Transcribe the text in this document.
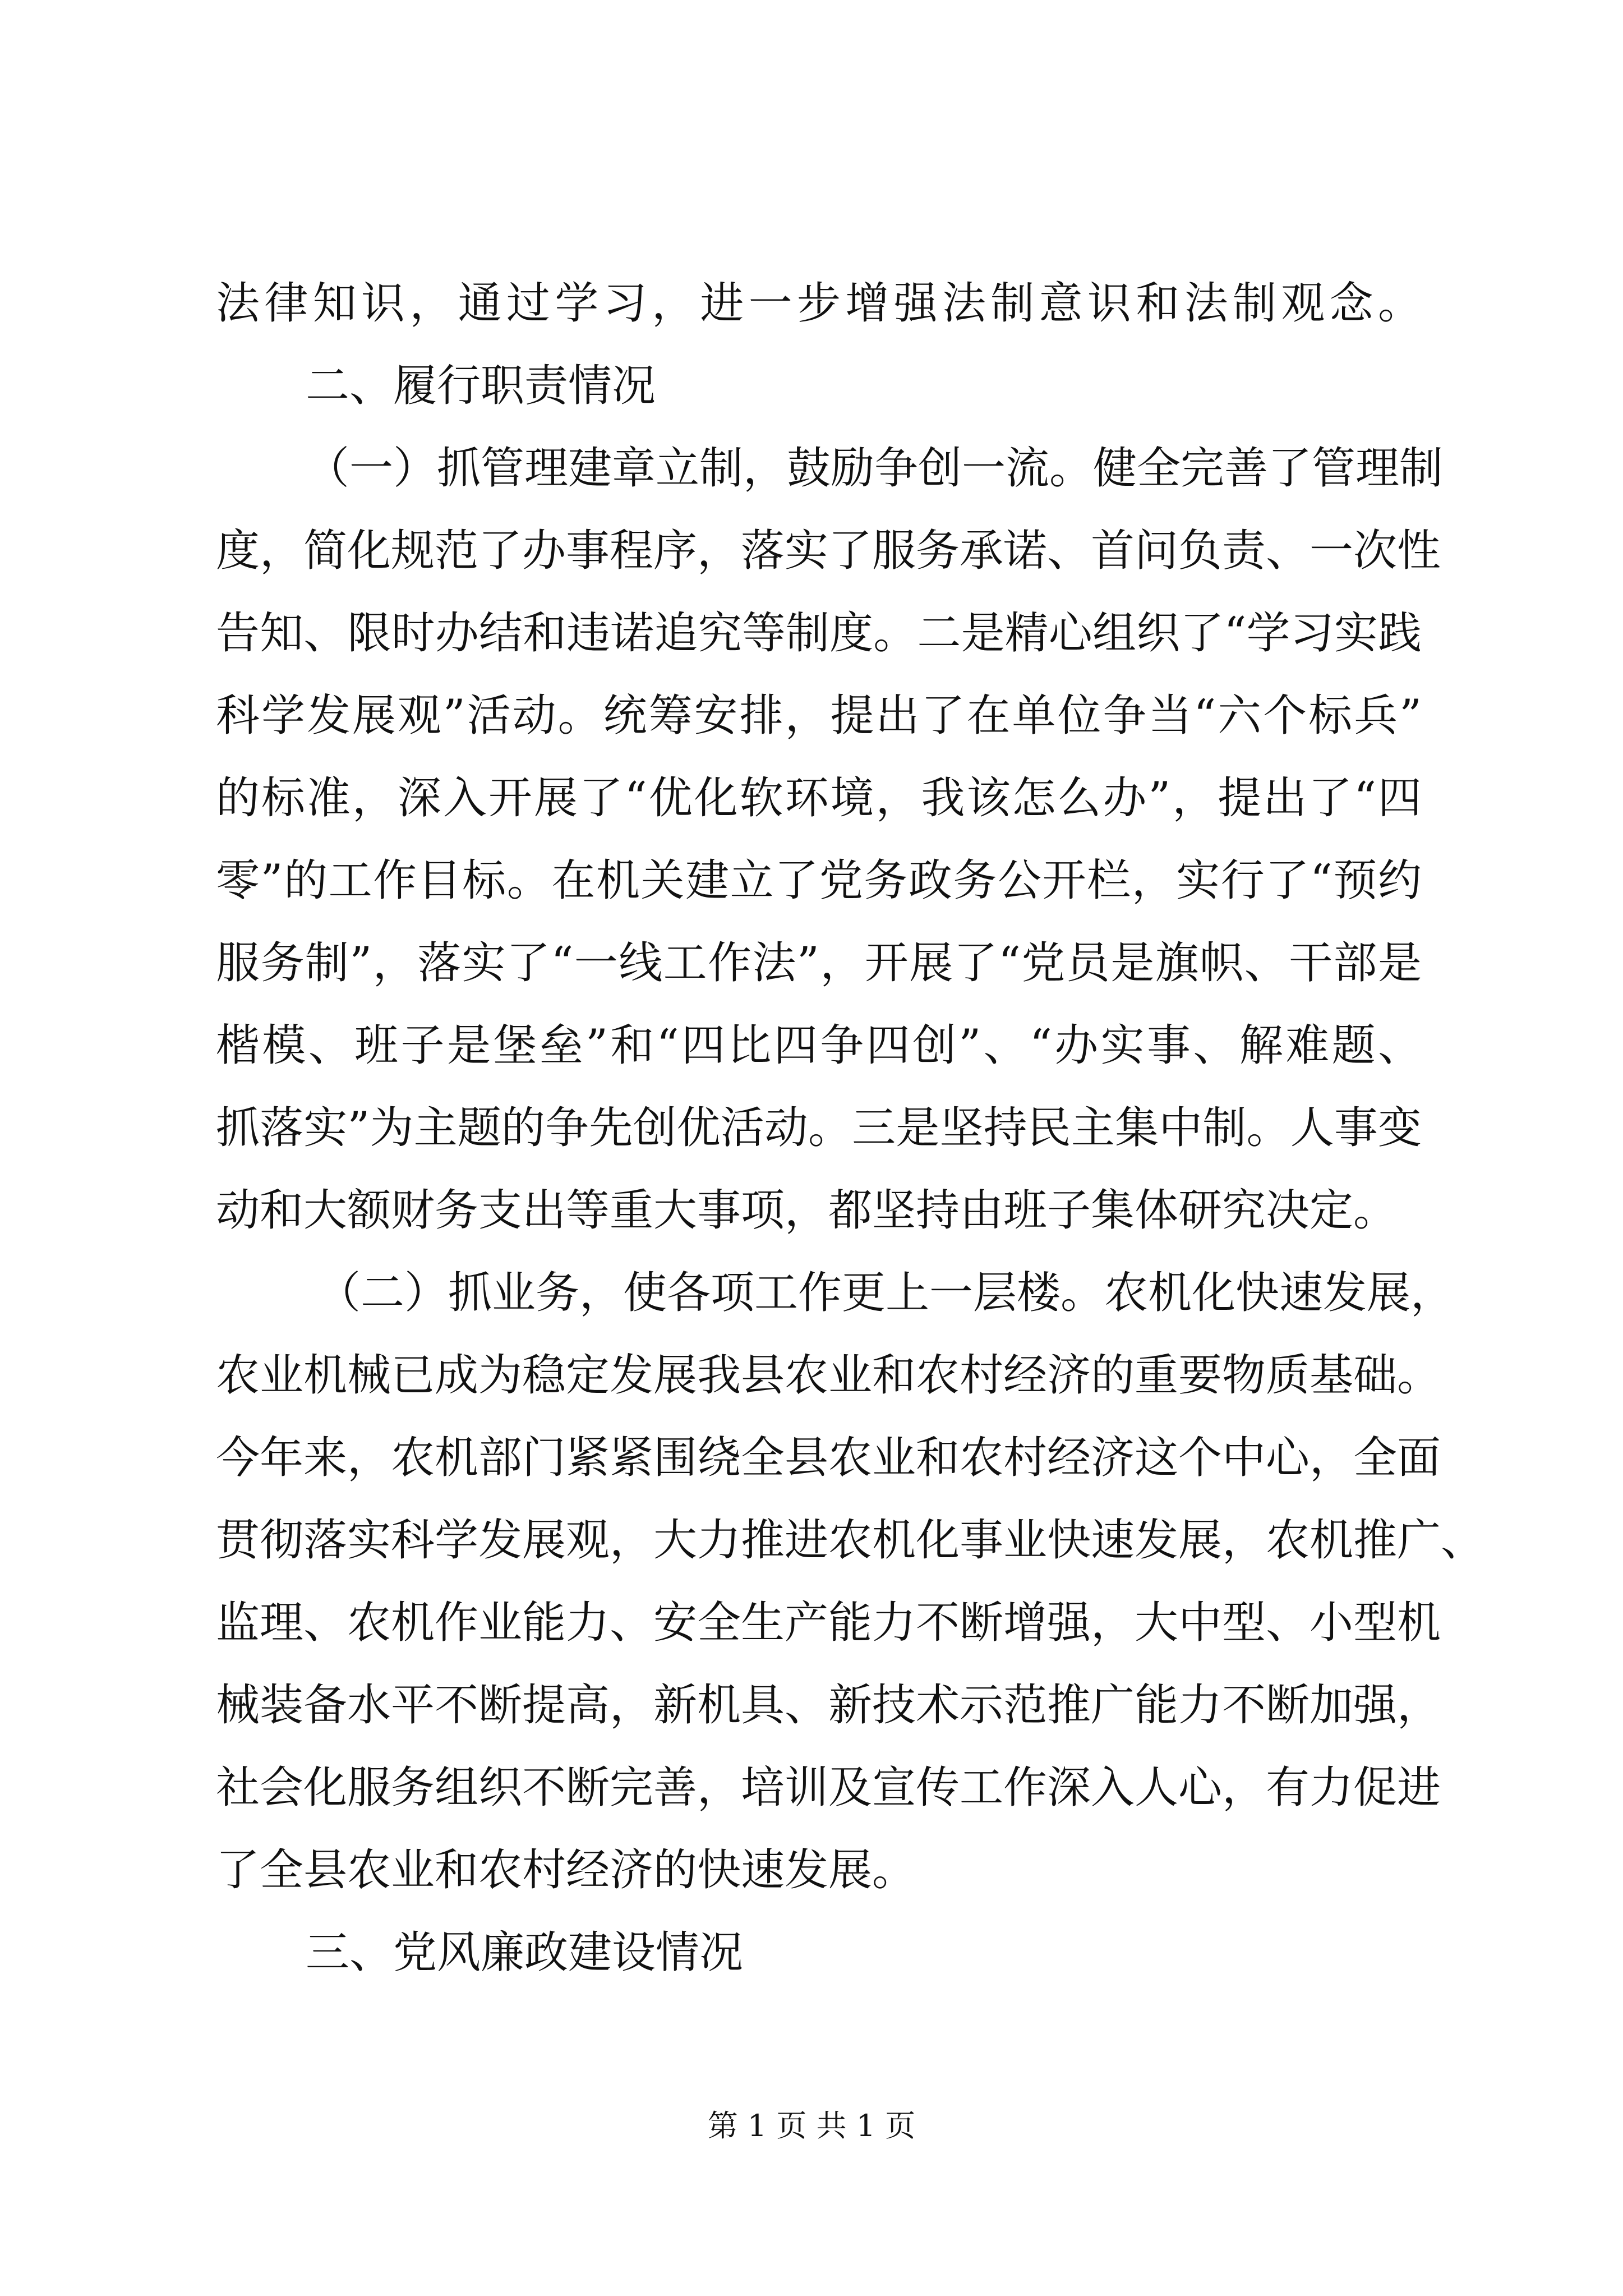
法律知识，通过学习，进一步增强法制意识和法制观念。
二、履行职责情况
（一）抓管理建章立制，鼓励争创一流。健全完善了管理制
度，简化规范了办事程序，落实了服务承诺、首问负责、一次性
告知、限时办结和违诺追究等制度。二是精心组织了“学习实践
科学发展观”活动。统筹安排，提出了在单位争当“六个标兵”
的标准，深入开展了“优化软环境，我该怎么办”，提出了“四
零”的工作目标。在机关建立了党务政务公开栏，实行了“预约
服务制”，落实了“一线工作法”，开展了“党员是旗帜、干部是
楷模、班子是堡垒”和“四比四争四创”、“办实事、解难题、
抓落实”为主题的争先创优活动。三是坚持民主集中制。人事变
动和大额财务支出等重大事项，都坚持由班子集体研究决定。
（二）抓业务，使各项工作更上一层楼。农机化快速发展，
农业机械已成为稳定发展我县农业和农村经济的重要物质基础。
今年来，农机部门紧紧围绕全县农业和农村经济这个中心，全面
贯彻落实科学发展观，大力推进农机化事业快速发展，农机推广、
监理、农机作业能力、安全生产能力不断增强，大中型、小型机
械装备水平不断提高，新机具、新技术示范推广能力不断加强，
社会化服务组织不断完善，培训及宣传工作深入人心，有力促进
了全县农业和农村经济的快速发展。
三、党风廉政建设情况
第 1 页 共 1 页
